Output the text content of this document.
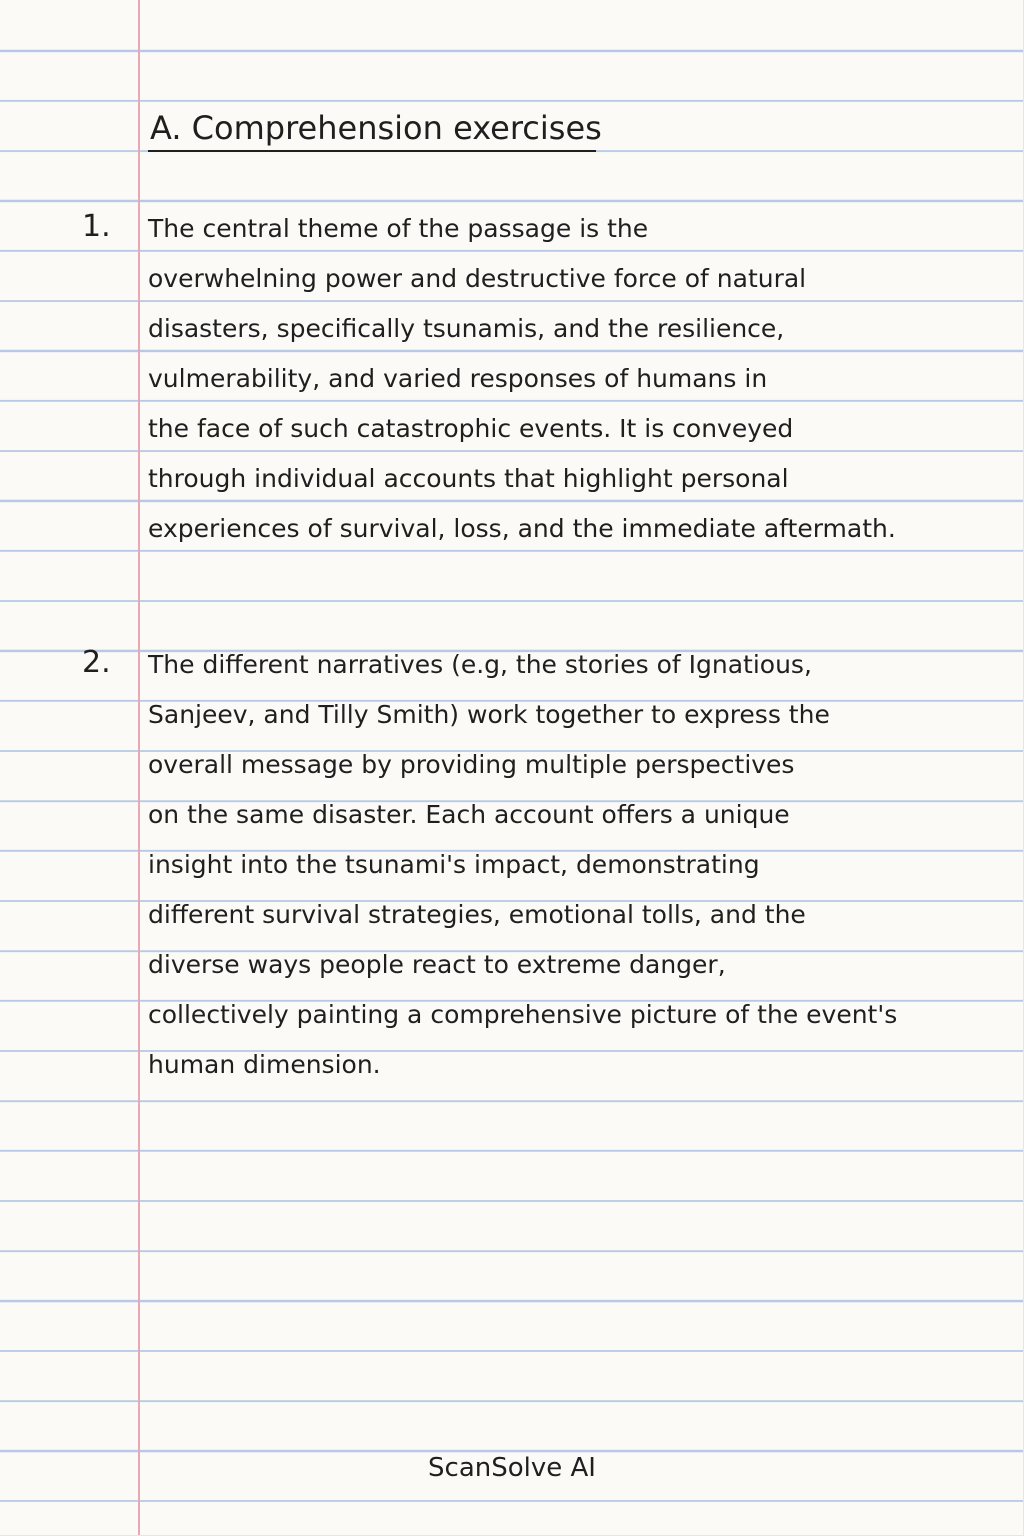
A. Comprehension exercises

1. The central theme of the passage is the
overwhelning power and destructive force of natural
disasters, specifically tsunamis, and the resilience,
vulmerability, and varied responses of humans in
the face of such catastrophic events. It is conveyed
through individual accounts that highlight personal
experiences of survival, loss, and the immediate aftermath.

2. The different narratives (e.g, the stories of Ignatious,
Sanjeev, and Tilly Smith) work together to express the
overall message by providing multiple perspectives
on the same disaster. Each account offers a unique
insight into the tsunami's impact, demonstrating
different survival strategies, emotional tolls, and the
diverse ways people react to extreme danger,
collectively painting a comprehensive picture of the event's
human dimension.

ScanSolve AI
